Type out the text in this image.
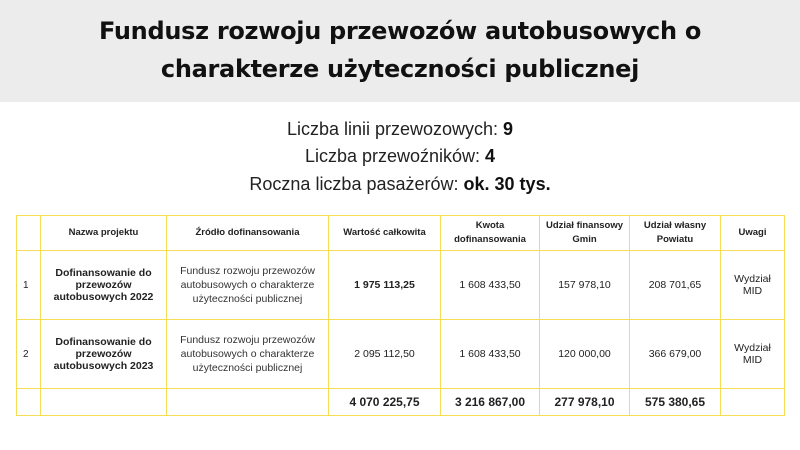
Fundusz rozwoju przewozów autobusowych o
charakterze użyteczności publicznej
Liczba linii przewozowych: 9
Liczba przewoźników: 4
Roczna liczba pasażerów: ok. 30 tys.
	Nazwa projektu	Źródło dofinansowania	Wartość całkowita	Kwota dofinansowania	Udział finansowy Gmin	Udział własny Powiatu	Uwagi
1	Dofinansowanie do przewozów autobusowych 2022	Fundusz rozwoju przewozów autobusowych o charakterze użyteczności publicznej	1 975 113,25	1 608 433,50	157 978,10	208 701,65	Wydział MID
2	Dofinansowanie do przewozów autobusowych 2023	Fundusz rozwoju przewozów autobusowych o charakterze użyteczności publicznej	2 095 112,50	1 608 433,50	120 000,00	366 679,00	Wydział MID
			4 070 225,75	3 216 867,00	277 978,10	575 380,65	
